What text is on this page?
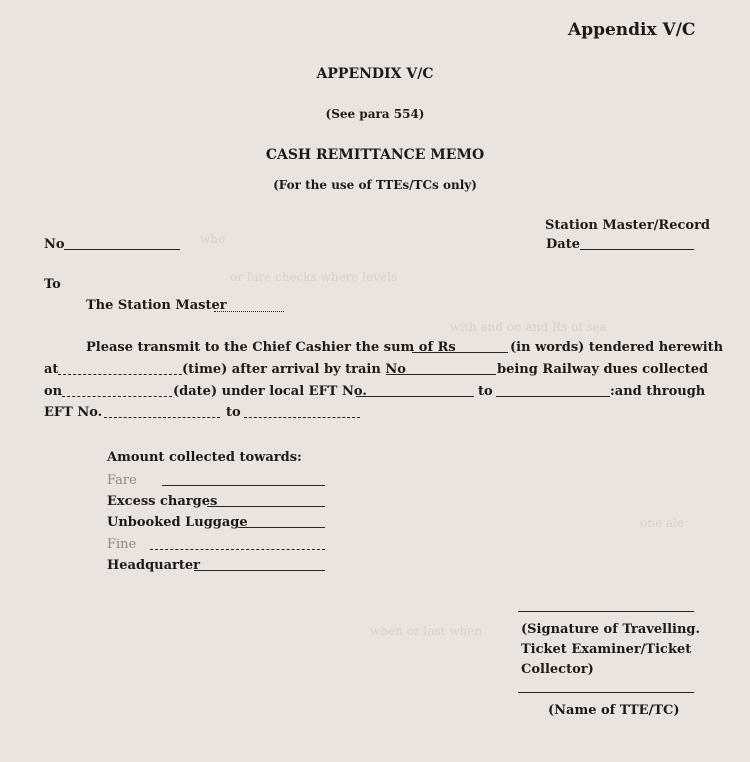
who
or fare checks where levels
with and on and Rs of sea
one ale
when or last when
Appendix V/C
APPENDIX V/C
(See para 554)
CASH REMITTANCE MEMO
(For the use of TTEs/TCs only)
Station Master/Record
Date
No
To
The Station Master
Please transmit to the Chief Cashier the sum of Rs	(in words) tendered herewith
at	(time) after arrival by train No	being Railway dues collected
on	(date) under local EFT No.	to	:and through
EFT No.	to
Amount collected towards:
Fare
Excess charges
Unbooked Luggage
Fine
Headquarter
(Signature of Travelling.
Ticket Examiner/Ticket
Collector)
(Name of TTE/TC)
